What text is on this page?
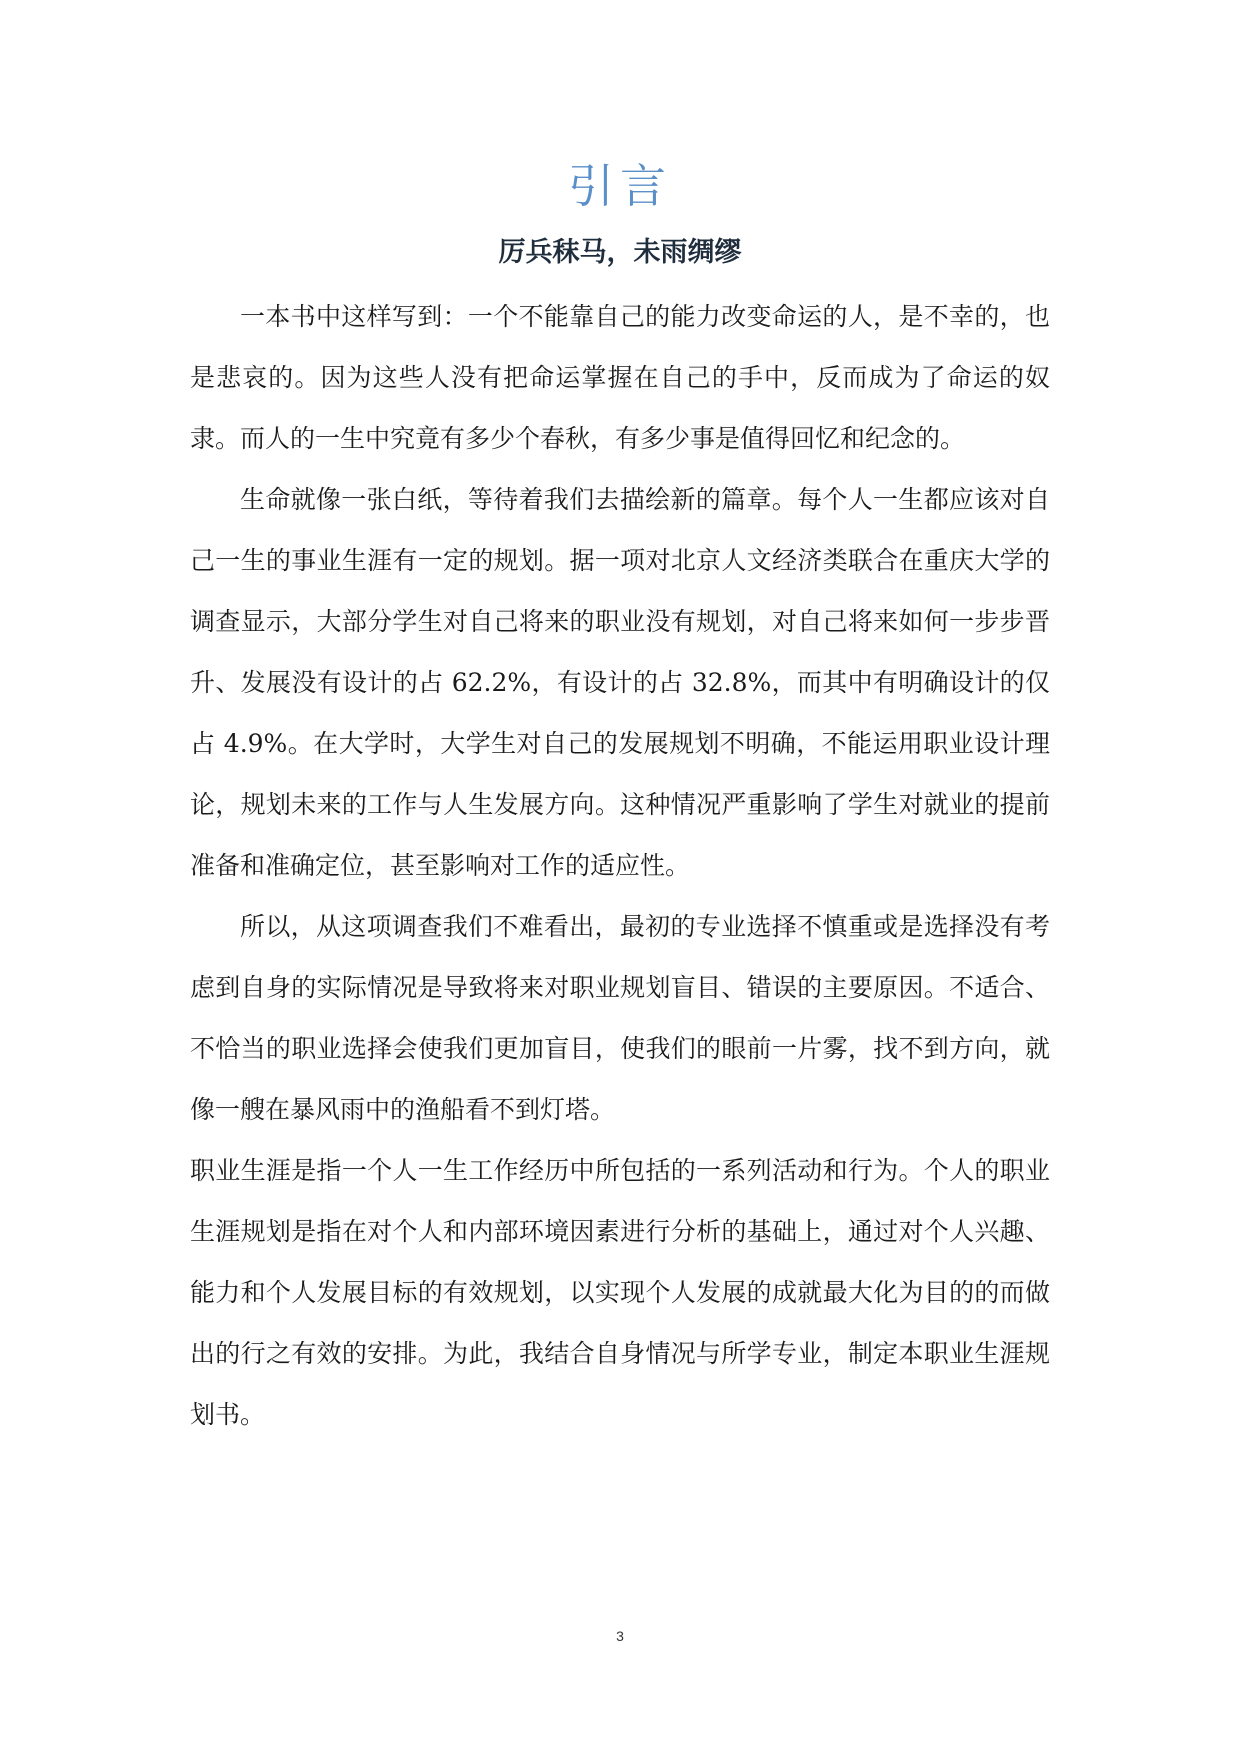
引言
厉兵秣马，未雨绸缪

一本书中这样写到：一个不能靠自己的能力改变命运的人，是不幸的，也是悲哀的。因为这些人没有把命运掌握在自己的手中，反而成为了命运的奴隶。而人的一生中究竟有多少个春秋，有多少事是值得回忆和纪念的。

生命就像一张白纸，等待着我们去描绘新的篇章。每个人一生都应该对自己一生的事业生涯有一定的规划。据一项对北京人文经济类联合在重庆大学的调查显示，大部分学生对自己将来的职业没有规划，对自己将来如何一步步晋升、发展没有设计的占 62.2%，有设计的占 32.8%，而其中有明确设计的仅占 4.9%。在大学时，大学生对自己的发展规划不明确，不能运用职业设计理论，规划未来的工作与人生发展方向。这种情况严重影响了学生对就业的提前准备和准确定位，甚至影响对工作的适应性。

所以，从这项调查我们不难看出，最初的专业选择不慎重或是选择没有考虑到自身的实际情况是导致将来对职业规划盲目、错误的主要原因。不适合、不恰当的职业选择会使我们更加盲目，使我们的眼前一片雾，找不到方向，就像一艘在暴风雨中的渔船看不到灯塔。

职业生涯是指一个人一生工作经历中所包括的一系列活动和行为。个人的职业生涯规划是指在对个人和内部环境因素进行分析的基础上，通过对个人兴趣、能力和个人发展目标的有效规划，以实现个人发展的成就最大化为目的的而做出的行之有效的安排。为此，我结合自身情况与所学专业，制定本职业生涯规划书。

3
